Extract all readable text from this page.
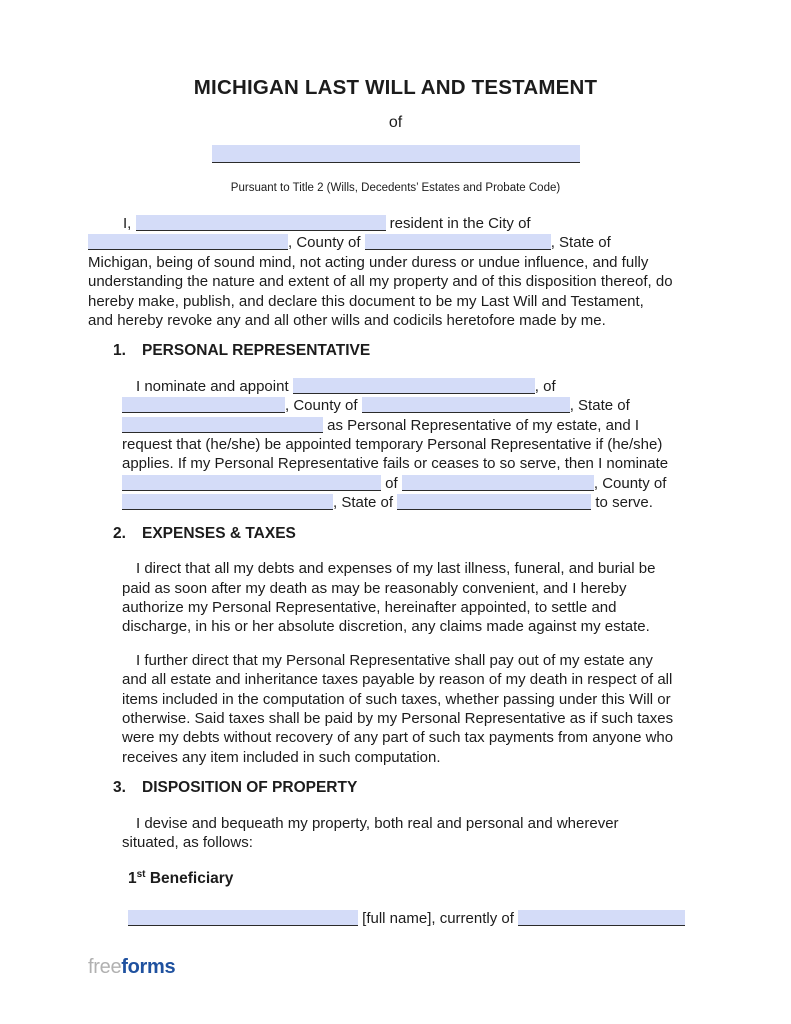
MICHIGAN LAST WILL AND TESTAMENT
of
Pursuant to Title 2 (Wills, Decedents’ Estates and Probate Code)
I,	resident in the City of
, County of	, State of
Michigan, being of sound mind, not acting under duress or undue influence, and fully
understanding the nature and extent of all my property and of this disposition thereof, do
hereby make, publish, and declare this document to be my Last Will and Testament,
and hereby revoke any and all other wills and codicils heretofore made by me.
1.	PERSONAL REPRESENTATIVE
I nominate and appoint	, of
, County of	, State of
as Personal Representative of my estate, and I
request that (he/she) be appointed temporary Personal Representative if (he/she)
applies. If my Personal Representative fails or ceases to so serve, then I nominate
of	, County of
, State of	to serve.
2.	EXPENSES & TAXES
I direct that all my debts and expenses of my last illness, funeral, and burial be
paid as soon after my death as may be reasonably convenient, and I hereby
authorize my Personal Representative, hereinafter appointed, to settle and
discharge, in his or her absolute discretion, any claims made against my estate.
I further direct that my Personal Representative shall pay out of my estate any
and all estate and inheritance taxes payable by reason of my death in respect of all
items included in the computation of such taxes, whether passing under this Will or
otherwise. Said taxes shall be paid by my Personal Representative as if such taxes
were my debts without recovery of any part of such tax payments from anyone who
receives any item included in such computation.
3.	DISPOSITION OF PROPERTY
I devise and bequeath my property, both real and personal and wherever
situated, as follows:
1st Beneficiary
[full name], currently of
freeforms
